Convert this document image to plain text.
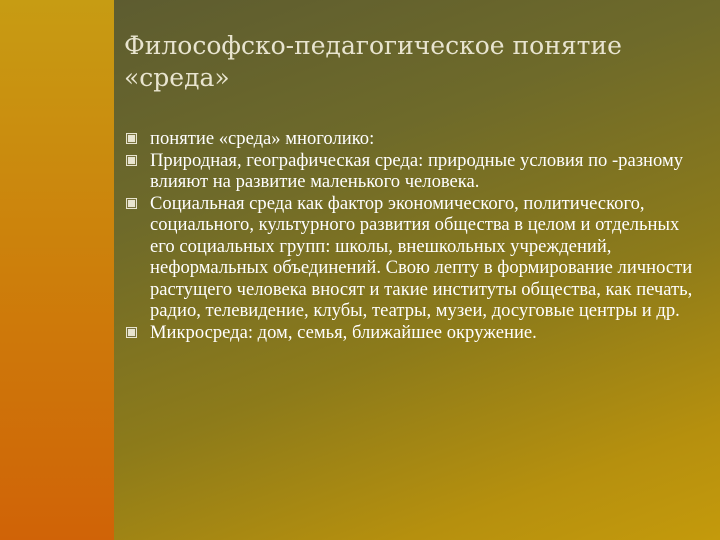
Философско-педагогическое понятие «среда»
понятие «среда» многолико:
Природная, географическая среда: природные условия по -разному влияют на развитие маленького человека.
Социальная среда как фактор экономического, политического, социального, культурного развития общества в целом и отдельных его социальных групп: школы, внешкольных учреждений, неформальных объединений. Свою лепту в формирование личности растущего человека вносят и такие институты общества, как печать, радио, телевидение, клубы, театры, музеи, досуговые центры и др.
Микросреда: дом, семья, ближайшее окружение.
